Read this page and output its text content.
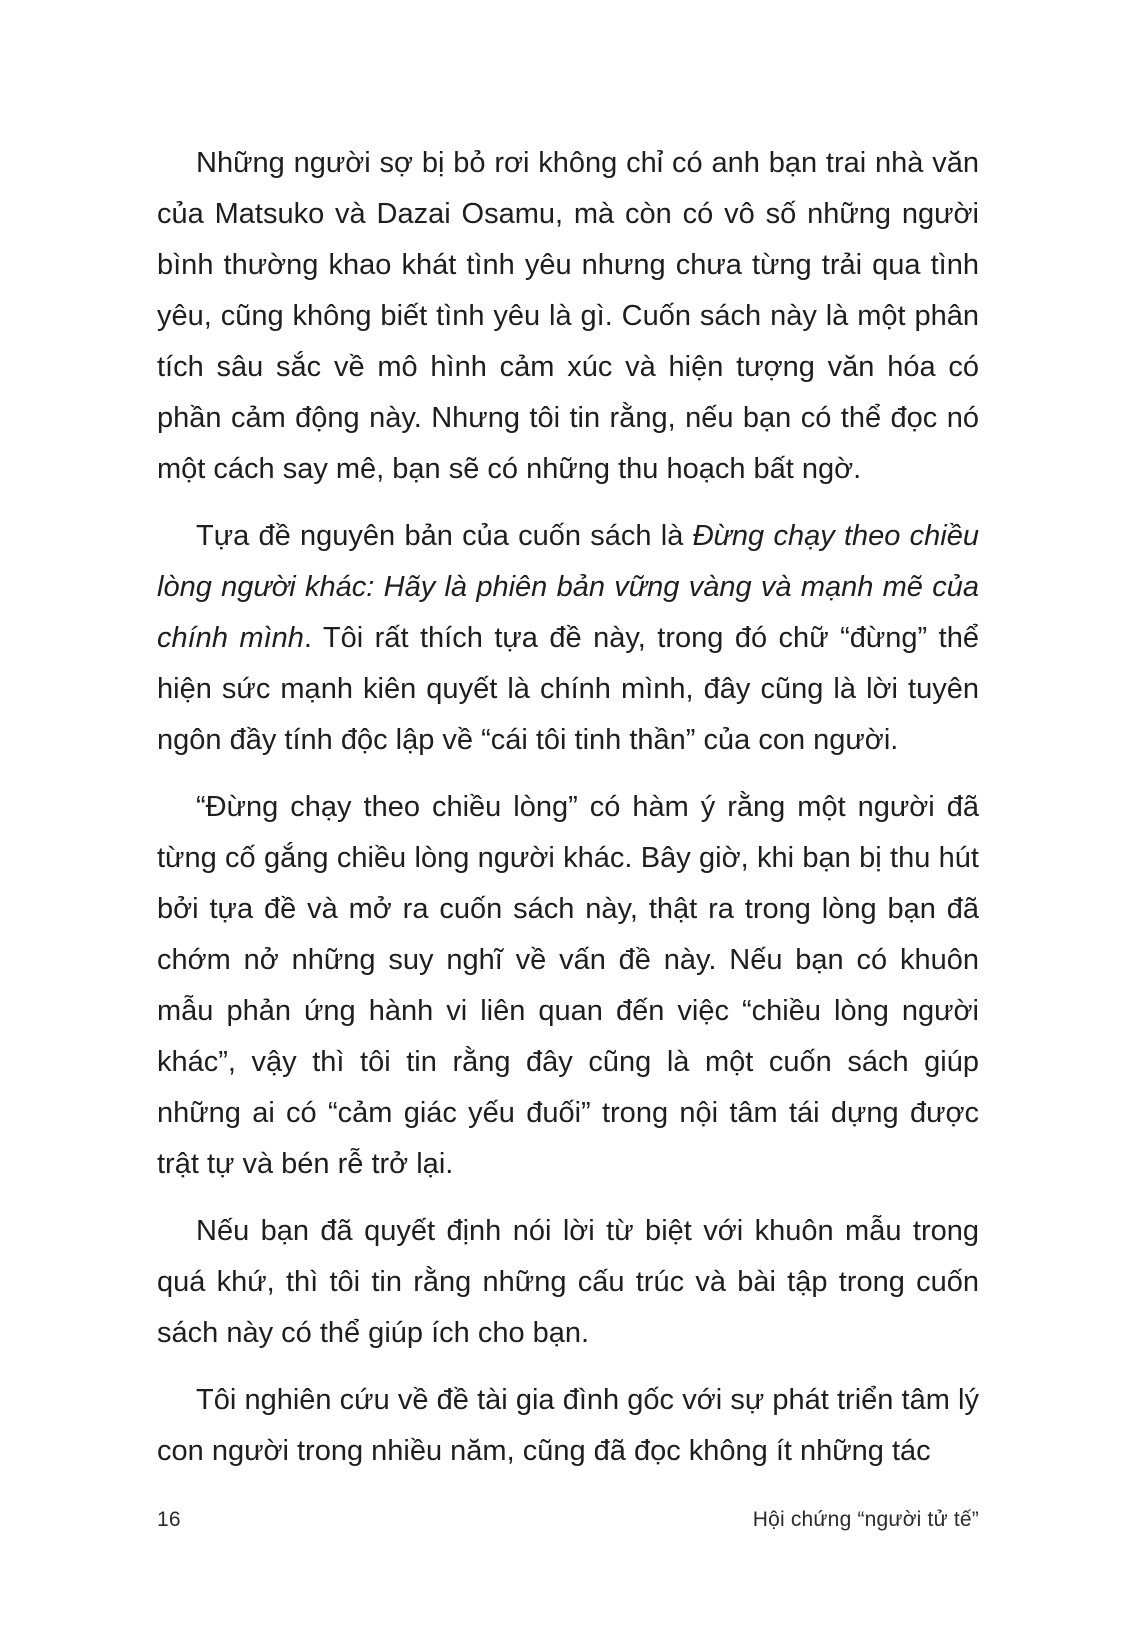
Những người sợ bị bỏ rơi không chỉ có anh bạn trai nhà văn của Matsuko và Dazai Osamu, mà còn có vô số những người bình thường khao khát tình yêu nhưng chưa từng trải qua tình yêu, cũng không biết tình yêu là gì. Cuốn sách này là một phân tích sâu sắc về mô hình cảm xúc và hiện tượng văn hóa có phần cảm động này. Nhưng tôi tin rằng, nếu bạn có thể đọc nó một cách say mê, bạn sẽ có những thu hoạch bất ngờ.

Tựa đề nguyên bản của cuốn sách là Đừng chạy theo chiều lòng người khác: Hãy là phiên bản vững vàng và mạnh mẽ của chính mình. Tôi rất thích tựa đề này, trong đó chữ “đừng” thể hiện sức mạnh kiên quyết là chính mình, đây cũng là lời tuyên ngôn đầy tính độc lập về “cái tôi tinh thần” của con người.

“Đừng chạy theo chiều lòng” có hàm ý rằng một người đã từng cố gắng chiều lòng người khác. Bây giờ, khi bạn bị thu hút bởi tựa đề và mở ra cuốn sách này, thật ra trong lòng bạn đã chớm nở những suy nghĩ về vấn đề này. Nếu bạn có khuôn mẫu phản ứng hành vi liên quan đến việc “chiều lòng người khác”, vậy thì tôi tin rằng đây cũng là một cuốn sách giúp những ai có “cảm giác yếu đuối” trong nội tâm tái dựng được trật tự và bén rễ trở lại.

Nếu bạn đã quyết định nói lời từ biệt với khuôn mẫu trong quá khứ, thì tôi tin rằng những cấu trúc và bài tập trong cuốn sách này có thể giúp ích cho bạn.

Tôi nghiên cứu về đề tài gia đình gốc với sự phát triển tâm lý con người trong nhiều năm, cũng đã đọc không ít những tác

16	Hội chứng “người tử tế”
